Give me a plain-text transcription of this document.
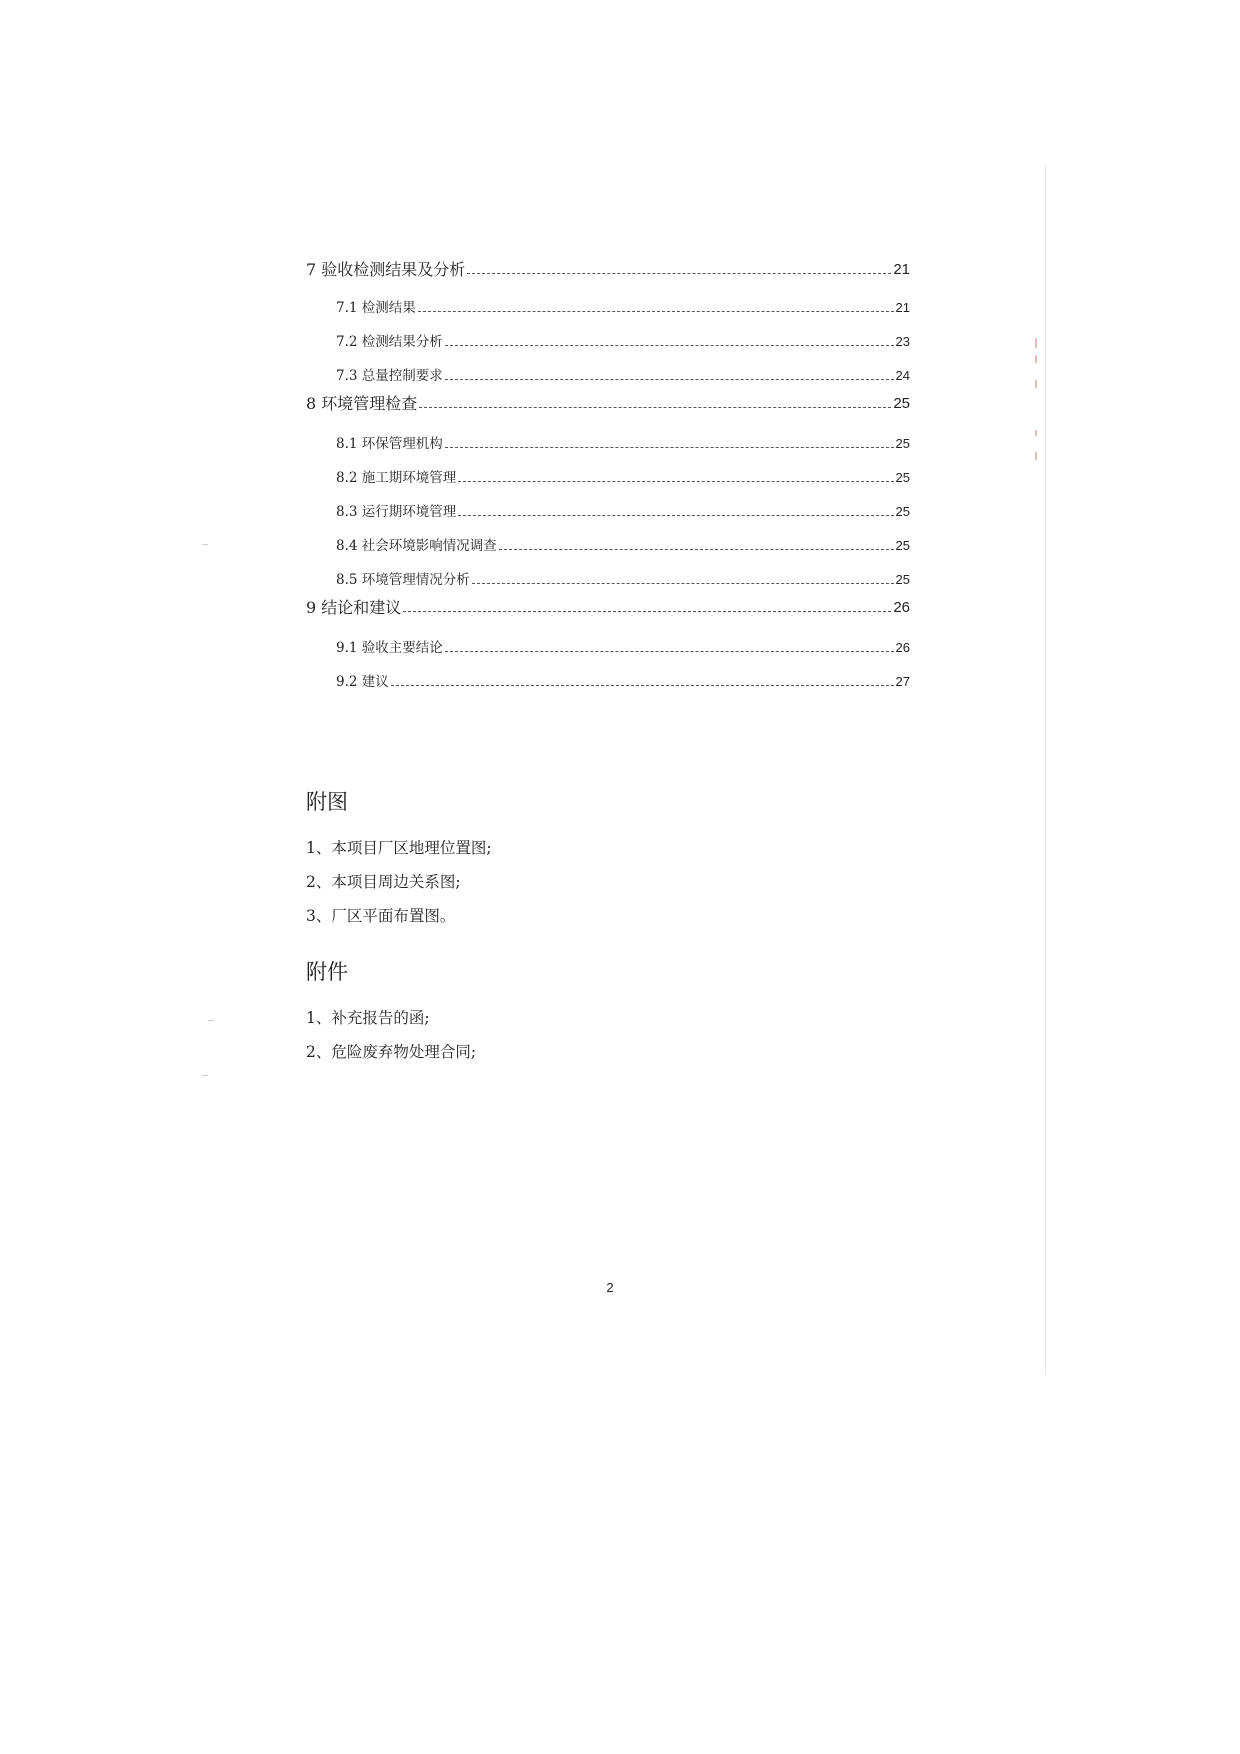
7 验收检测结果及分析	21
7.1 检测结果	21
7.2 检测结果分析	23
7.3 总量控制要求	24
8 环境管理检查	25
8.1 环保管理机构	25
8.2 施工期环境管理	25
8.3 运行期环境管理	25
8.4 社会环境影响情况调查	25
8.5 环境管理情况分析	25
9 结论和建议	26
9.1 验收主要结论	26
9.2 建议	27
附图
1、本项目厂区地理位置图;
2、本项目周边关系图;
3、厂区平面布置图。
附件
1、补充报告的函;
2、危险废弃物处理合同;
2
